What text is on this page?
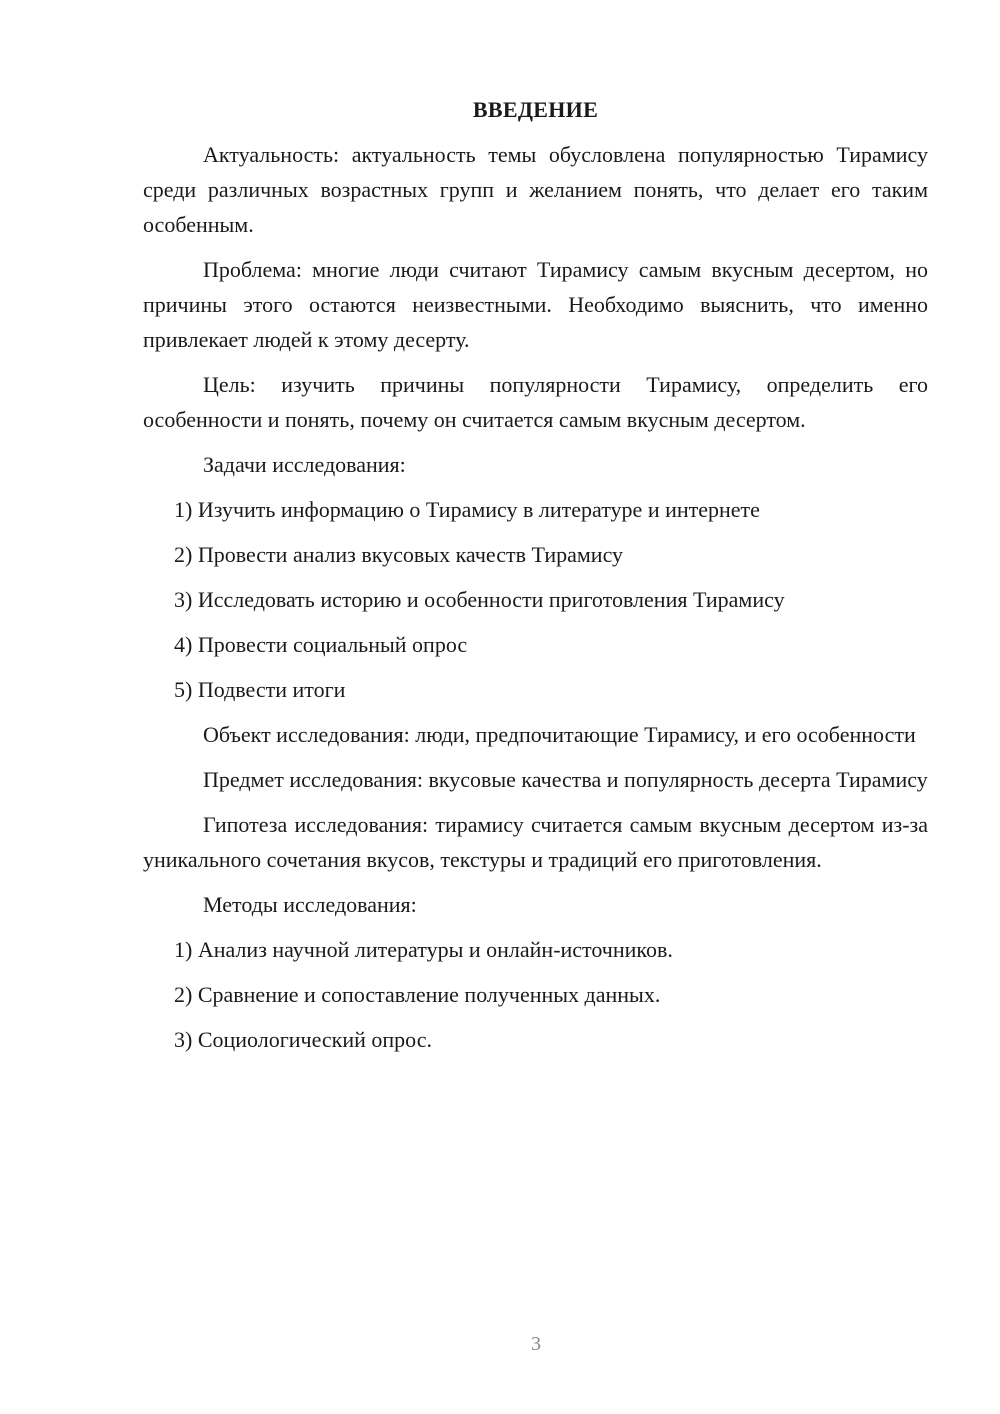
ВВЕДЕНИЕ

Актуальность: актуальность темы обусловлена популярностью Тирамису среди различных возрастных групп и желанием понять, что делает его таким особенным.

Проблема: многие люди считают Тирамису самым вкусным десертом, но причины этого остаются неизвестными. Необходимо выяснить, что именно привлекает людей к этому десерту.

Цель: изучить причины популярности Тирамису, определить его особенности и понять, почему он считается самым вкусным десертом.

Задачи исследования:

1) Изучить информацию о Тирамису в литературе и интернете
2) Провести анализ вкусовых качеств Тирамису
3) Исследовать историю и особенности приготовления Тирамису
4) Провести социальный опрос
5) Подвести итоги

Объект исследования: люди, предпочитающие Тирамису, и его особенности

Предмет исследования: вкусовые качества и популярность десерта Тирамису

Гипотеза исследования: тирамису считается самым вкусным десертом из-за уникального сочетания вкусов, текстуры и традиций его приготовления.

Методы исследования:

1) Анализ научной литературы и онлайн-источников.
2) Сравнение и сопоставление полученных данных.
3) Социологический опрос.
3
